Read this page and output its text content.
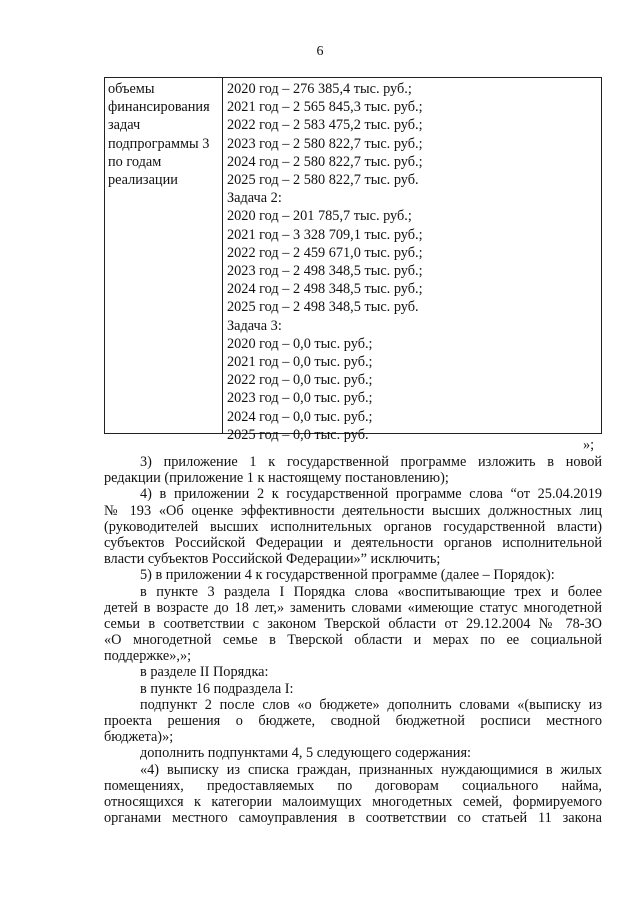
6
объемы
финансирования
задач
подпрограммы 3
по годам
реализации
2020 год – 276 385,4 тыс. руб.;
2021 год – 2 565 845,3 тыс. руб.;
2022 год – 2 583 475,2 тыс. руб.;
2023 год – 2 580 822,7 тыс. руб.;
2024 год – 2 580 822,7 тыс. руб.;
2025 год – 2 580 822,7 тыс. руб.
Задача 2:
2020 год – 201 785,7 тыс. руб.;
2021 год – 3 328 709,1 тыс. руб.;
2022 год – 2 459 671,0 тыс. руб.;
2023 год – 2 498 348,5 тыс. руб.;
2024 год – 2 498 348,5 тыс. руб.;
2025 год – 2 498 348,5 тыс. руб.
Задача 3:
2020 год – 0,0 тыс. руб.;
2021 год – 0,0 тыс. руб.;
2022 год – 0,0 тыс. руб.;
2023 год – 0,0 тыс. руб.;
2024 год – 0,0 тыс. руб.;
2025 год – 0,0 тыс. руб.
»;
3) приложение 1 к государственной программе изложить в новой
редакции (приложение 1 к настоящему постановлению);
4) в приложении 2 к государственной программе слова “от 25.04.2019
№ 193 «Об оценке эффективности деятельности высших должностных лиц
(руководителей высших исполнительных органов государственной власти)
субъектов Российской Федерации и деятельности органов исполнительной
власти субъектов Российской Федерации»” исключить;
5) в приложении 4 к государственной программе (далее – Порядок):
в пункте 3 раздела I Порядка слова «воспитывающие трех и более
детей в возрасте до 18 лет,» заменить словами «имеющие статус многодетной
семьи в соответствии с законом Тверской области от 29.12.2004 № 78-ЗО
«О многодетной семье в Тверской области и мерах по ее социальной
поддержке»,»;
в разделе II Порядка:
в пункте 16 подраздела I:
подпункт 2 после слов «о бюджете» дополнить словами «(выписку из
проекта решения о бюджете, сводной бюджетной росписи местного
бюджета)»;
дополнить подпунктами 4, 5 следующего содержания:
«4) выписку из списка граждан, признанных нуждающимися в жилых
помещениях, предоставляемых по договорам социального найма,
относящихся к категории малоимущих многодетных семей, формируемого
органами местного самоуправления в соответствии со статьей 11 закона
